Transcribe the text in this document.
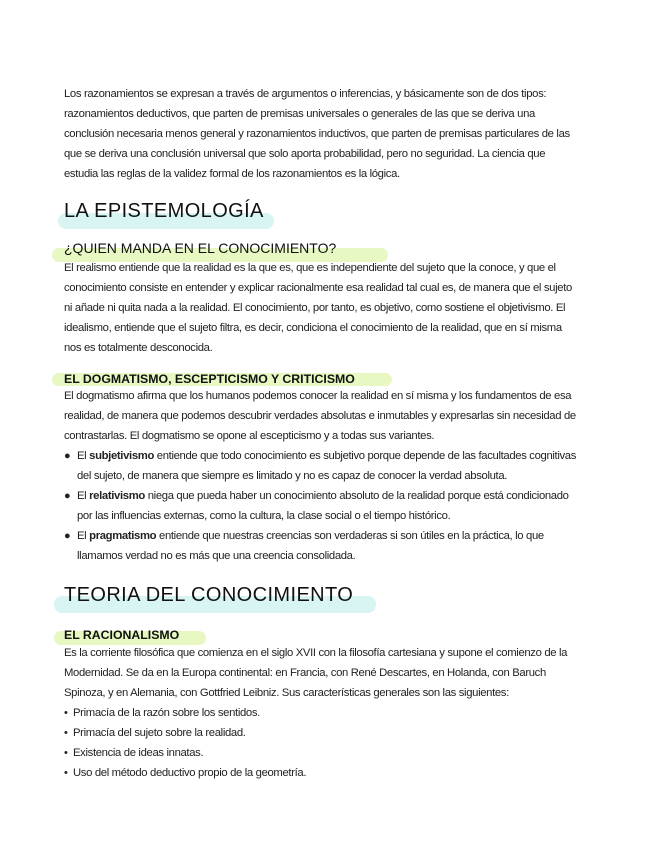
Los razonamientos se expresan a través de argumentos o inferencias, y básicamente son de dos tipos: razonamientos deductivos, que parten de premisas universales o generales de las que se deriva una conclusión necesaria menos general y razonamientos inductivos, que parten de premisas particulares de las que se deriva una conclusión universal que solo aporta probabilidad, pero no seguridad. La ciencia que estudia las reglas de la validez formal de los razonamientos es la lógica.

LA EPISTEMOLOGÍA
¿QUIEN MANDA EN EL CONOCIMIENTO?

El realismo entiende que la realidad es la que es, que es independiente del sujeto que la conoce, y que el conocimiento consiste en entender y explicar racionalmente esa realidad tal cual es, de manera que el sujeto ni añade ni quita nada a la realidad. El conocimiento, por tanto, es objetivo, como sostiene el objetivismo. El idealismo, entiende que el sujeto filtra, es decir, condiciona el conocimiento de la realidad, que en sí misma nos es totalmente desconocida.

EL DOGMATISMO, ESCEPTICISMO Y CRITICISMO

El dogmatismo afirma que los humanos podemos conocer la realidad en sí misma y los fundamentos de esa realidad, de manera que podemos descubrir verdades absolutas e inmutables y expresarlas sin necesidad de contrastarlas. El dogmatismo se opone al escepticismo y a todas sus variantes.

● El subjetivismo entiende que todo conocimiento es subjetivo porque depende de las facultades cognitivas del sujeto, de manera que siempre es limitado y no es capaz de conocer la verdad absoluta.
● El relativismo niega que pueda haber un conocimiento absoluto de la realidad porque está condicionado por las influencias externas, como la cultura, la clase social o el tiempo histórico.
● El pragmatismo entiende que nuestras creencias son verdaderas si son útiles en la práctica, lo que llamamos verdad no es más que una creencia consolidada.
TEORIA DEL CONOCIMIENTO
EL RACIONALISMO

Es la corriente filosófica que comienza en el siglo XVII con la filosofía cartesiana y supone el comienzo de la Modernidad. Se da en la Europa continental: en Francia, con René Descartes, en Holanda, con Baruch Spinoza, y en Alemania, con Gottfried Leibniz. Sus características generales son las siguientes:

• Primacía de la razón sobre los sentidos.
• Primacía del sujeto sobre la realidad.
• Existencia de ideas innatas.
• Uso del método deductivo propio de la geometría.
